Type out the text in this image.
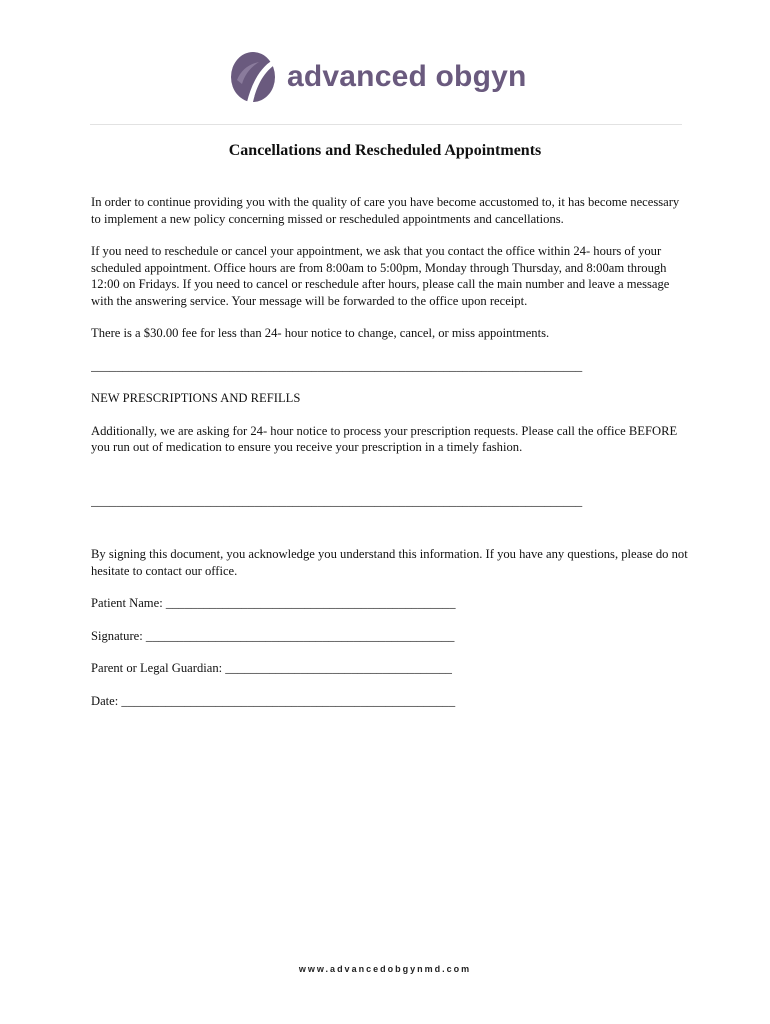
advanced obgyn
Cancellations and Rescheduled Appointments

In order to continue providing you with the quality of care you have become accustomed to, it has become necessary to implement a new policy concerning missed or rescheduled appointments and cancellations.

If you need to reschedule or cancel your appointment, we ask that you contact the office within 24- hours of your scheduled appointment. Office hours are from 8:00am to 5:00pm, Monday through Thursday, and 8:00am through 12:00 on Fridays. If you need to cancel or reschedule after hours, please call the main number and leave a message with the answering service. Your message will be forwarded to the office upon receipt.

There is a $30.00 fee for less than 24- hour notice to change, cancel, or miss appointments.

______________________________________________________________________________

NEW PRESCRIPTIONS AND REFILLS

Additionally, we are asking for 24- hour notice to process your prescription requests. Please call the office BEFORE you run out of medication to ensure you receive your prescription in a timely fashion.

______________________________________________________________________________

By signing this document, you acknowledge you understand this information. If you have any questions, please do not hesitate to contact our office.

Patient Name: ______________________________________________

Signature: _________________________________________________

Parent or Legal Guardian: ____________________________________

Date: _____________________________________________________

www.advancedobgynmd.com
